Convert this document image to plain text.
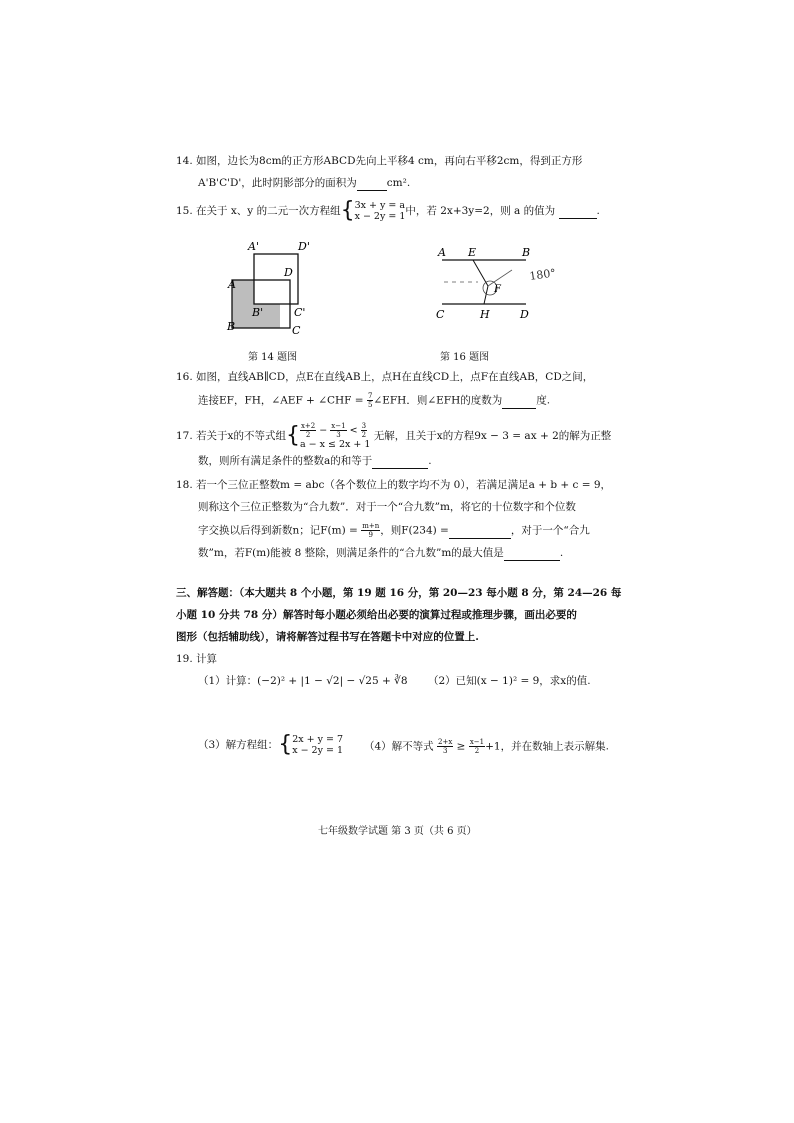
14. 如图，边长为8cm的正方形ABCD先向上平移4 cm，再向右平移2cm，得到正方形
A'B'C'D'，此时阴影部分的面积为	cm².
15. 在关于 x、y 的二元一次方程组{ 3x + y = a
x − 2y = 1 中，若 2x+3y=2，则 a 的值为	.
A'	D'
D
A
B'	C'
B	C
第 14 题图
A E	B
F
C	H	D
180°
第 16 题图
16. 如图，直线AB∥CD，点E在直线AB上，点H在直线CD上，点F在直线AB，CD之间，
连接EF，FH，∠AEF + ∠CHF = $\frac{7}{5}$ ∠EFH．则∠EFH的度数为	度.
17. 若关于x的不等式组{ $\frac{x+2}{2} - \frac{x-1}{3} < \frac{3}{2}$
a − x ≤ 2x + 1
无解，且关于x的方程9x − 3 = ax + 2的解为正整
数，则所有满足条件的整数a的和等于	.
18. 若一个三位正整数m = abc（各个数位上的数字均不为 0），若满足满足a + b + c = 9，
则称这个三位正整数为“合九数”．对于一个“合九数”m，将它的十位数字和个位数
字交换以后得到新数n；记$F(m) = \frac{m+n}{9}$ ，则F(234) =	，对于一个“合九
数”m，若F(m)能被 8 整除，则满足条件的“合九数”m的最大值是	.
三、解答题：（本大题共 8 个小题，第 19 题 16 分，第 20—23 每小题 8 分，第 24—26 每
小题 10 分共 78 分）解答时每小题必须给出必要的演算过程或推理步骤，画出必要的
图形（包括辅助线），请将解答过程书写在答题卡中对应的位置上.
19. 计算
（1）计算：(−2)² + |1 − √2| − √25 + ∛8 （2）已知(x − 1)² = 9，求x的值.
（3）解方程组：{ 2x + y = 7
x − 2y = 1 （4）解不等式 $\frac{2+x}{3} \ge \frac{x-1}{2} +1$，并在数轴上表示解集.
七年级数学试题 第 3 页（共 6 页）
